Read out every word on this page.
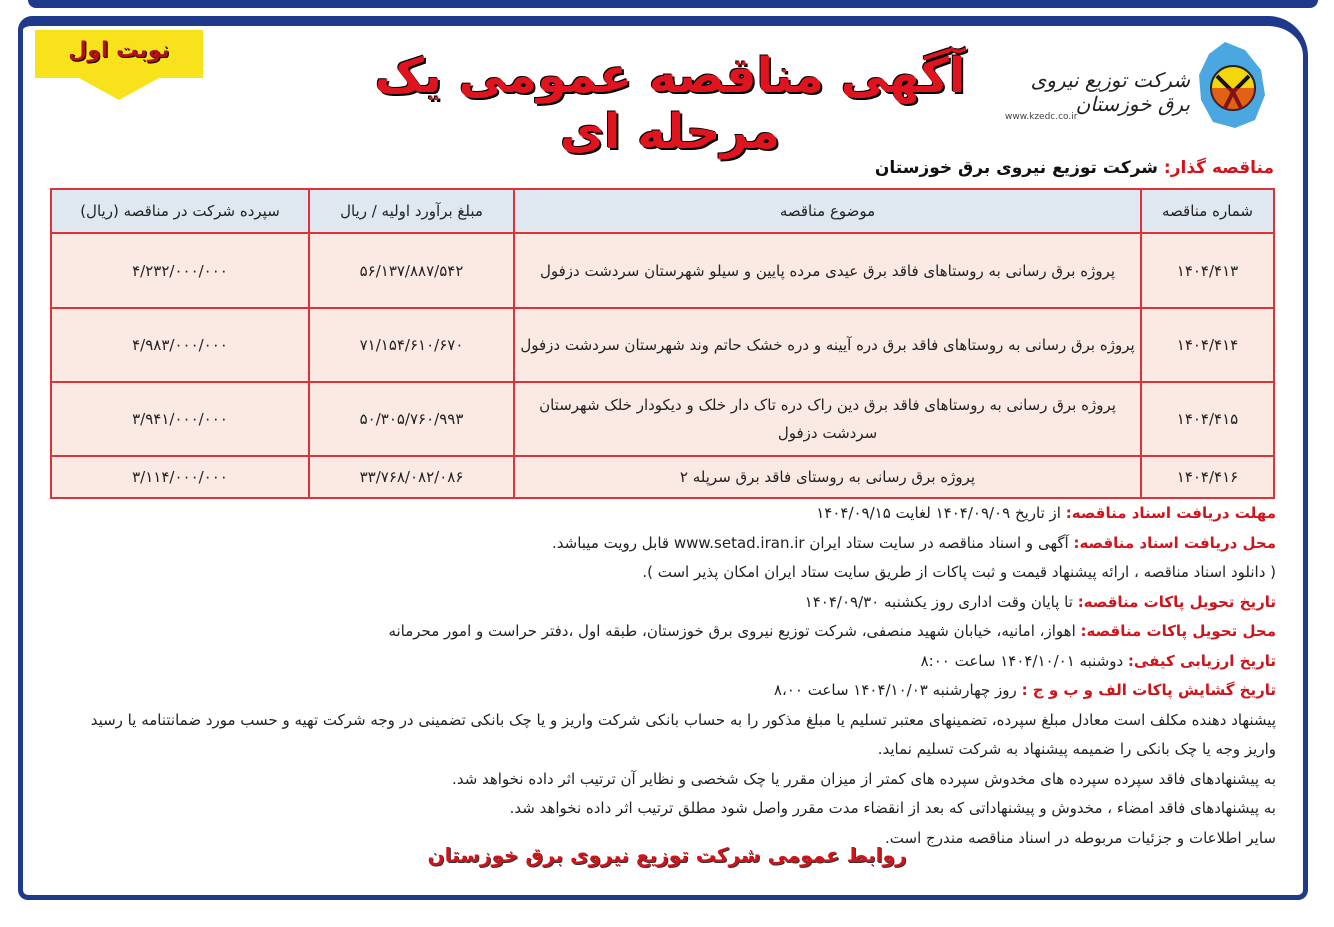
نوبت اول	آگهی مناقصه عمومی یک مرحله ای
شرکت توزیع نیروی برق خوزستان
www.kzedc.co.ir
مناقصه گذار: شرکت توزیع نیروی برق خوزستان
شماره مناقصه	موضوع مناقصه	مبلغ برآورد اولیه / ریال	سپرده شرکت در مناقصه (ریال)
۱۴۰۴/۴۱۳	پروژه برق رسانی به روستاهای فاقد برق عیدی مرده پایین و سیلو شهرستان سردشت دزفول	۵۶/۱۳۷/۸۸۷/۵۴۲	۴/۲۳۲/۰۰۰/۰۰۰
۱۴۰۴/۴۱۴	پروژه برق رسانی به روستاهای فاقد برق دره آیینه و دره خشک حاتم وند شهرستان سردشت دزفول	۷۱/۱۵۴/۶۱۰/۶۷۰	۴/۹۸۳/۰۰۰/۰۰۰
۱۴۰۴/۴۱۵	پروژه برق رسانی به روستاهای فاقد برق دین راک دره تاک دار خلک و دیکودار خلک شهرستان سردشت دزفول	۵۰/۳۰۵/۷۶۰/۹۹۳	۳/۹۴۱/۰۰۰/۰۰۰
۱۴۰۴/۴۱۶	پروژه برق رسانی به روستای فاقد برق سرپله ۲	۳۳/۷۶۸/۰۸۲/۰۸۶	۳/۱۱۴/۰۰۰/۰۰۰
مهلت دریافت اسناد مناقصه: از تاریخ ۱۴۰۴/۰۹/۰۹ لغایت ۱۴۰۴/۰۹/۱۵
محل دریافت اسناد مناقصه: آگهی و اسناد مناقصه در سایت ستاد ایران www.setad.iran.ir قابل رویت میباشد.
( دانلود اسناد مناقصه ، ارائه پیشنهاد قیمت و ثبت پاکات از طریق سایت ستاد ایران امکان پذیر است ).
تاریخ تحویل پاکات مناقصه: تا پایان وقت اداری روز یکشنبه ۱۴۰۴/۰۹/۳۰
محل تحویل پاکات مناقصه: اهواز، امانیه، خیابان شهید منصفی، شرکت توزیع نیروی برق خوزستان، طبقه اول ،دفتر حراست و امور محرمانه
تاریخ ارزیابی کیفی: دوشنبه ۱۴۰۴/۱۰/۰۱ ساعت ۸:۰۰
تاریخ گشایش پاکات الف و ب و ج : روز چهارشنبه ۱۴۰۴/۱۰/۰۳ ساعت ۸،۰۰
پیشنهاد دهنده مکلف است معادل مبلغ سپرده، تضمینهای معتبر تسلیم یا مبلغ مذکور را به حساب بانکی شرکت واریز و یا چک بانکی تضمینی در وجه شرکت تهیه و حسب مورد ضمانتنامه یا رسید واریز وجه یا چک بانکی را ضمیمه پیشنهاد به شرکت تسلیم نماید.
به پیشنهادهای فاقد سپرده سپرده های مخدوش سپرده های کمتر از میزان مقرر یا چک شخصی و نظایر آن ترتیب اثر داده نخواهد شد.
به پیشنهادهای فاقد امضاء ، مخدوش و پیشنهاداتی که بعد از انقضاء مدت مقرر واصل شود مطلق ترتیب اثر داده نخواهد شد.
سایر اطلاعات و جزئیات مربوطه در اسناد مناقصه مندرج است.
روابط عمومی شرکت توزیع نیروی برق خوزستان
